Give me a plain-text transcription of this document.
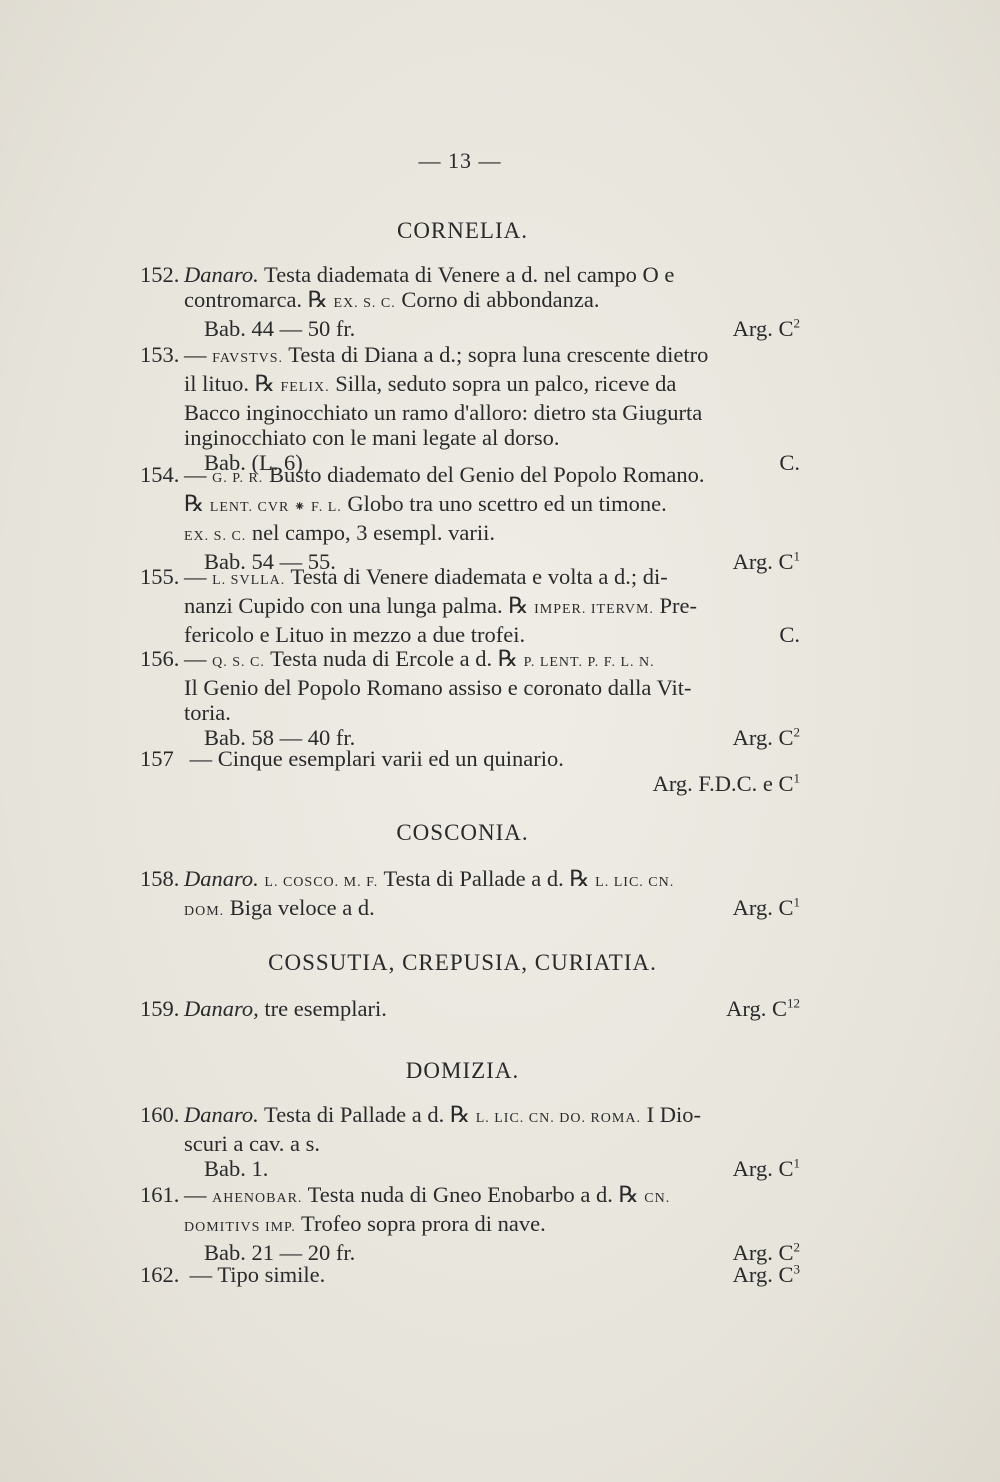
— 13 —
CORNELIA.
152. Danaro. Testa diademata di Venere a d. nel campo O e
contromarca. ℞ EX. S. C. Corno di abbondanza.
Bab. 44 — 50 fr.	Arg. $C^2$
153. — FAVSTVS. Testa di Diana a d.; sopra luna crescente dietro
il lituo. ℞ FELIX. Silla, seduto sopra un palco, riceve da
Bacco inginocchiato un ramo d'alloro: dietro sta Giugurta
inginocchiato con le mani legate al dorso.
Bab. (L. 6)	C.
154. — G. P. R. Busto diademato del Genio del Popolo Romano.
℞ LENT. CVR ⁕ F. L. Globo tra uno scettro ed un timone.
EX. S. C. nel campo, 3 esempl. varii.
Bab. 54 — 55.	Arg. $C^1$
155. — L. SVLLA. Testa di Venere diademata e volta a d.; di-
nanzi Cupido con una lunga palma. ℞ IMPER. ITERVM. Pre-
fericolo e Lituo in mezzo a due trofei.	C.
156. — Q. S. C. Testa nuda di Ercole a d. ℞ P. LENT. P. F. L. N.
Il Genio del Popolo Romano assiso e coronato dalla Vit-
toria.
Bab. 58 — 40 fr.	Arg. $C^2$
157 — Cinque esemplari varii ed un quinario.
Arg. F.D.C. e $C^1$
COSCONIA.
158. Danaro. L. COSCO. M. F. Testa di Pallade a d. ℞ L. LIC. CN.
DOM. Biga veloce a d.	Arg. $C^1$
COSSUTIA, CREPUSIA, CURIATIA.
159. Danaro, tre esemplari.	Arg. $C^{12}$
DOMIZIA.
160. Danaro. Testa di Pallade a d. ℞ L. LIC. CN. DO. ROMA. I Dio-
scuri a cav. a s.
Bab. 1.	Arg. $C^1$
161. — AHENOBAR. Testa nuda di Gneo Enobarbo a d. ℞ CN.
DOMITIVS IMP. Trofeo sopra prora di nave.
Bab. 21 — 20 fr.	Arg. $C^2$
162. — Tipo simile.	Arg. $C^3$
